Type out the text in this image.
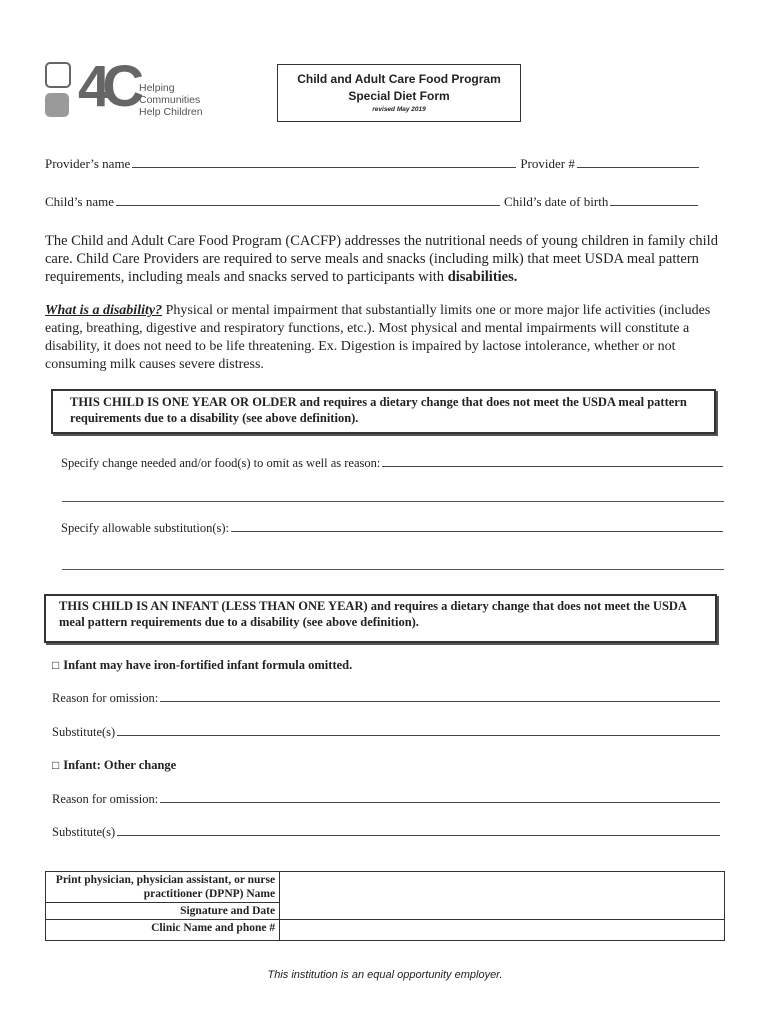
4C Helping
Communities
Help Children
Child and Adult Care Food Program
Special Diet Form
revised May 2019
Provider’s name	Provider #
Child’s name	Child’s date of birth
The Child and Adult Care Food Program (CACFP) addresses the nutritional needs of young children in family child care. Child Care Providers are required to serve meals and snacks (including milk) that meet USDA meal pattern requirements, including meals and snacks served to participants with disabilities.
What is a disability? Physical or mental impairment that substantially limits one or more major life activities (includes eating, breathing, digestive and respiratory functions, etc.). Most physical and mental impairments will constitute a disability, it does not need to be life threatening. Ex. Digestion is impaired by lactose intolerance, whether or not consuming milk causes severe distress.

THIS CHILD IS ONE YEAR OR OLDER and requires a dietary change that does not meet the USDA meal pattern requirements due to a disability (see above definition).

Specify change needed and/or food(s) to omit as well as reason:
Specify allowable substitution(s):

THIS CHILD IS AN INFANT (LESS THAN ONE YEAR) and requires a dietary change that does not meet the USDA meal pattern requirements due to a disability (see above definition).

□ Infant may have iron-fortified infant formula omitted.
Reason for omission:
Substitute(s)
□ Infant: Other change
Reason for omission:
Substitute(s)
Print physician, physician assistant, or nurse practitioner (DPNP) Name	
Signature and Date	
Clinic Name and phone #	
This institution is an equal opportunity employer.
